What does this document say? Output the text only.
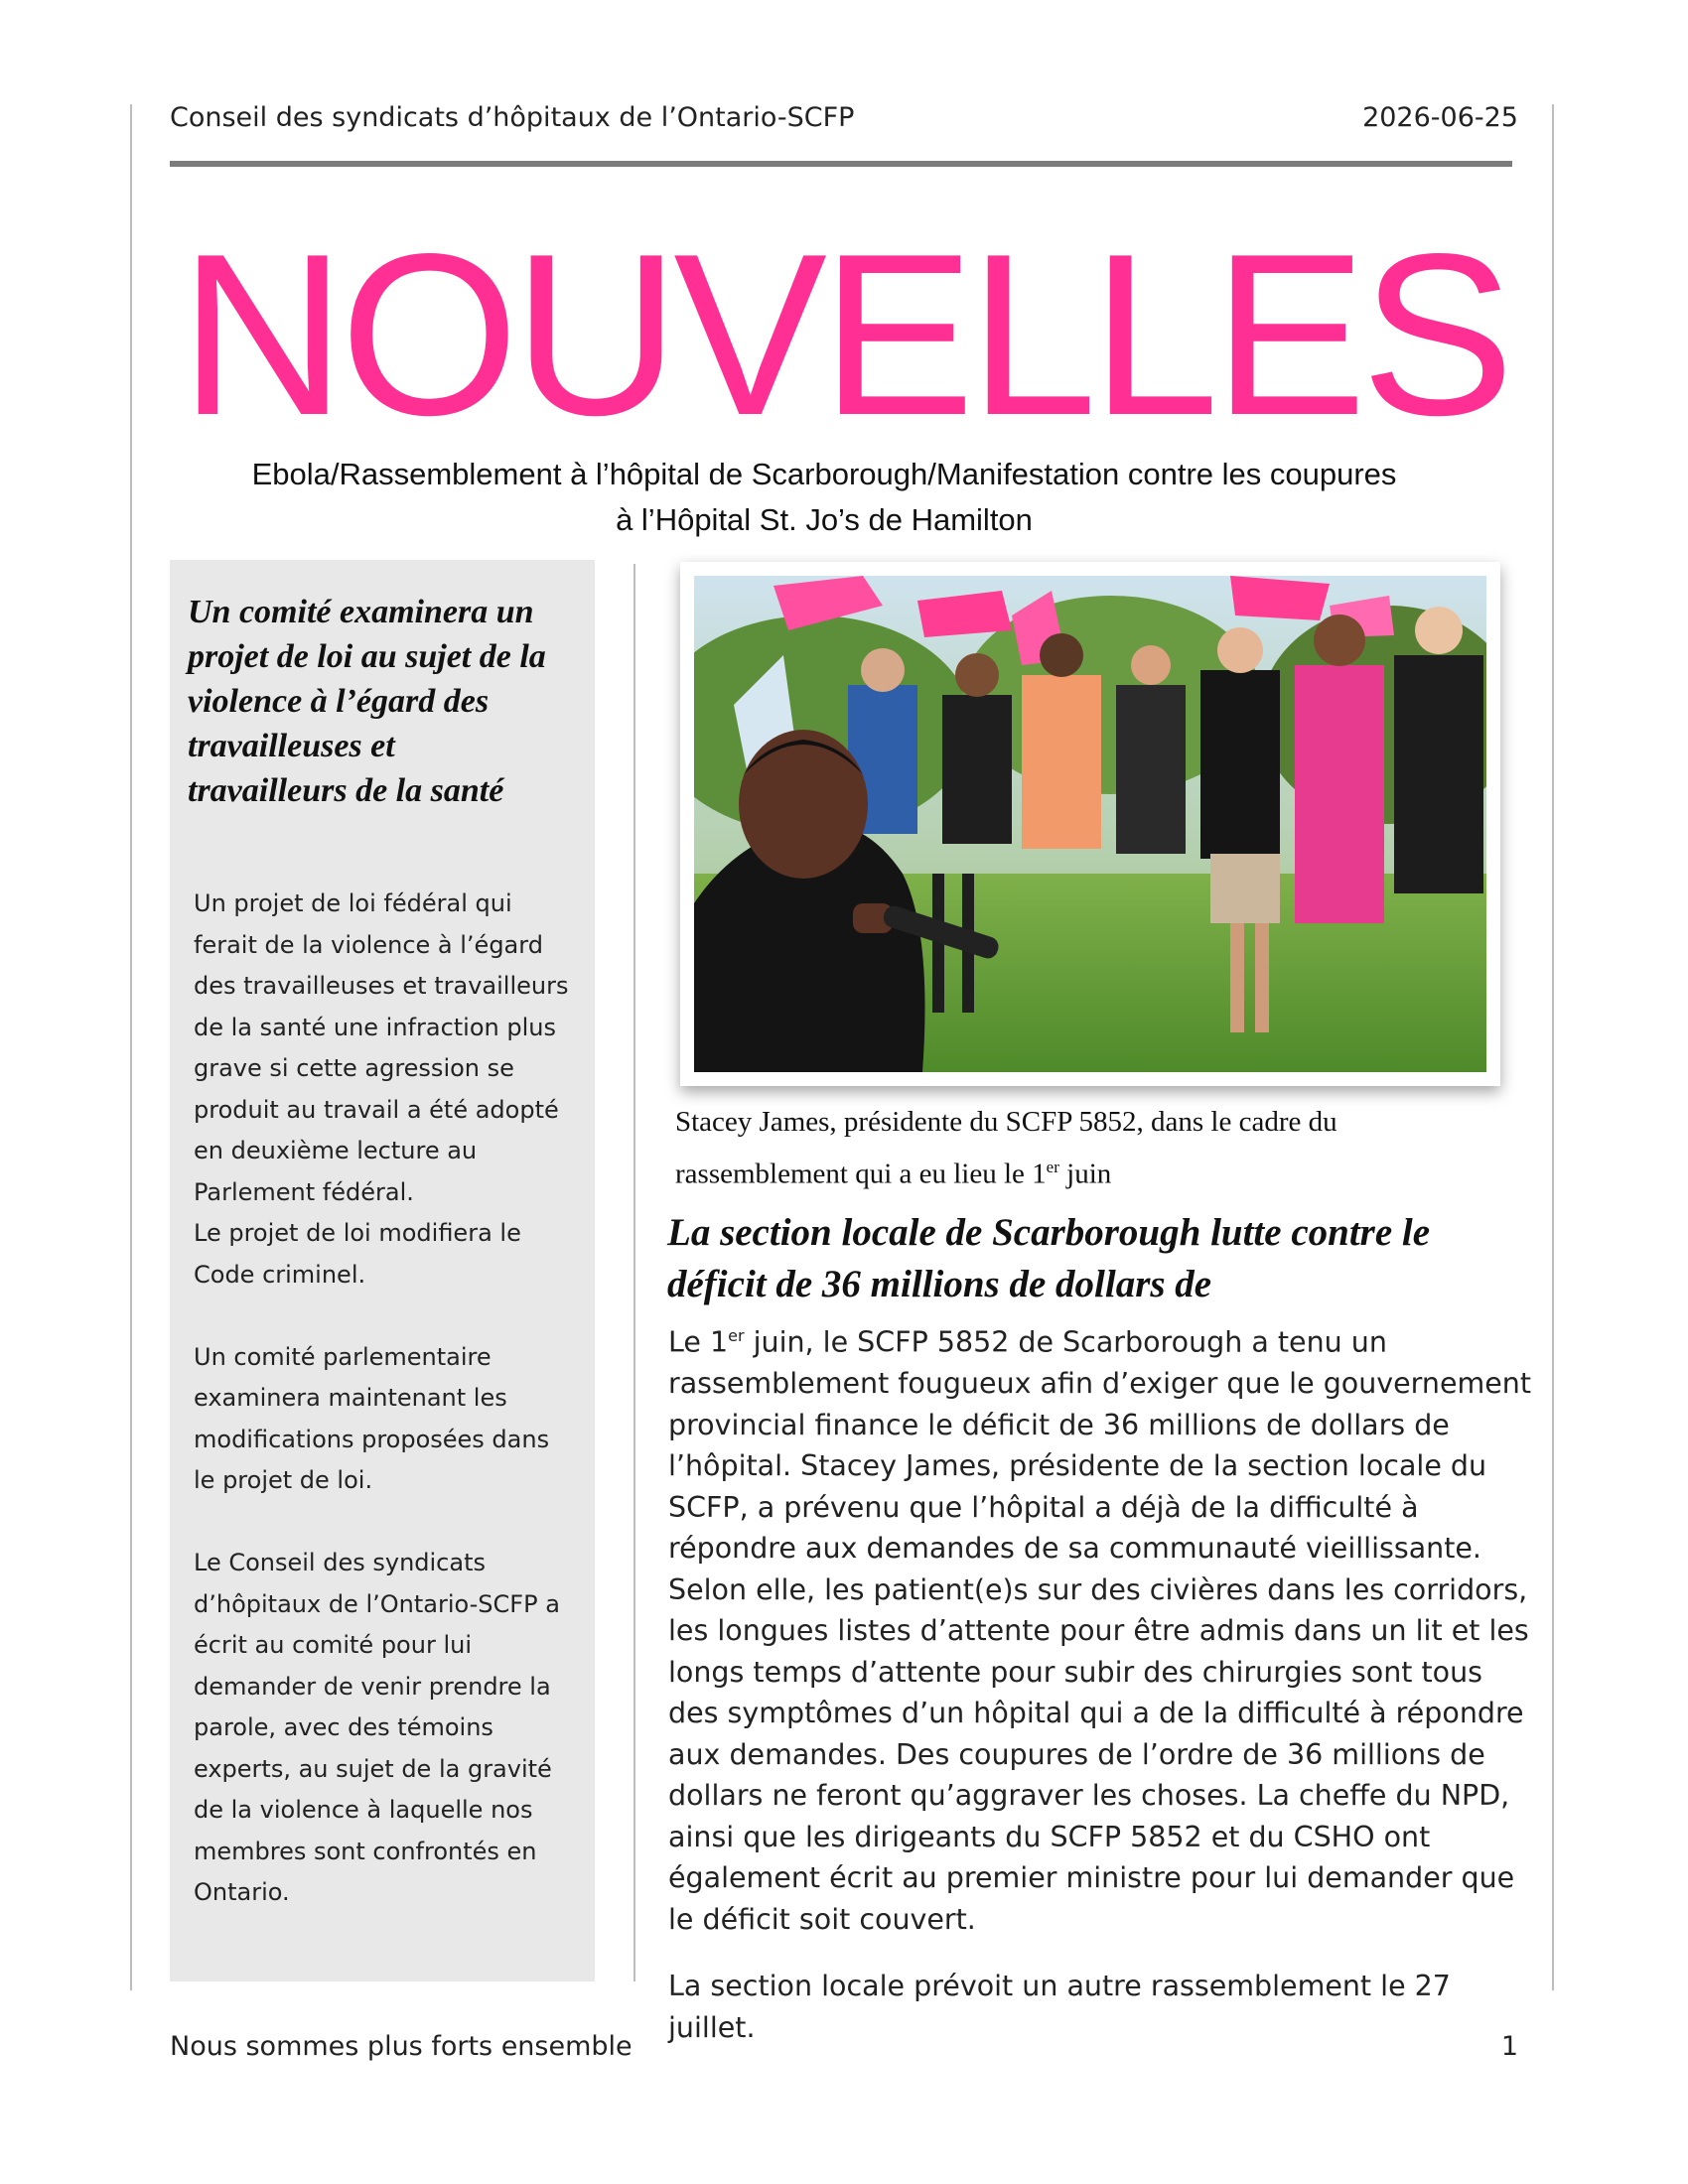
Conseil des syndicats d’hôpitaux de l’Ontario-SCFP	2026-06-25
NOUVELLES
Ebola/Rassemblement à l’hôpital de Scarborough/Manifestation contre les coupures
à l’Hôpital St. Jo’s de Hamilton
Un comité examinera un projet de loi au sujet de la violence à l’égard des travailleuses et travailleurs de la santé

Un projet de loi fédéral qui ferait de la violence à l’égard des travailleuses et travailleurs de la santé une infraction plus grave si cette agression se produit au travail a été adopté en deuxième lecture au Parlement fédéral.
Le projet de loi modifiera le Code criminel.

Un comité parlementaire examinera maintenant les modifications proposées dans le projet de loi.

Le Conseil des syndicats d’hôpitaux de l’Ontario-SCFP a écrit au comité pour lui demander de venir prendre la parole, avec des témoins experts, au sujet de la gravité de la violence à laquelle nos membres sont confrontés en Ontario.

Stacey James, présidente du SCFP 5852, dans le cadre du
rassemblement qui a eu lieu le 1er juin
La section locale de Scarborough lutte contre le déficit de 36 millions de dollars de

Le 1er juin, le SCFP 5852 de Scarborough a tenu un rassemblement fougueux afin d’exiger que le gouvernement provincial finance le déficit de 36 millions de dollars de l’hôpital. Stacey James, présidente de la section locale du SCFP, a prévenu que l’hôpital a déjà de la difficulté à répondre aux demandes de sa communauté vieillissante. Selon elle, les patient(e)s sur des civières dans les corridors, les longues listes d’attente pour être admis dans un lit et les longs temps d’attente pour subir des chirurgies sont tous des symptômes d’un hôpital qui a de la difficulté à répondre aux demandes. Des coupures de l’ordre de 36 millions de dollars ne feront qu’aggraver les choses. La cheffe du NPD, ainsi que les dirigeants du SCFP 5852 et du CSHO ont également écrit au premier ministre pour lui demander que le déficit soit couvert.

La section locale prévoit un autre rassemblement le 27 juillet.

Nous sommes plus forts ensemble	1
